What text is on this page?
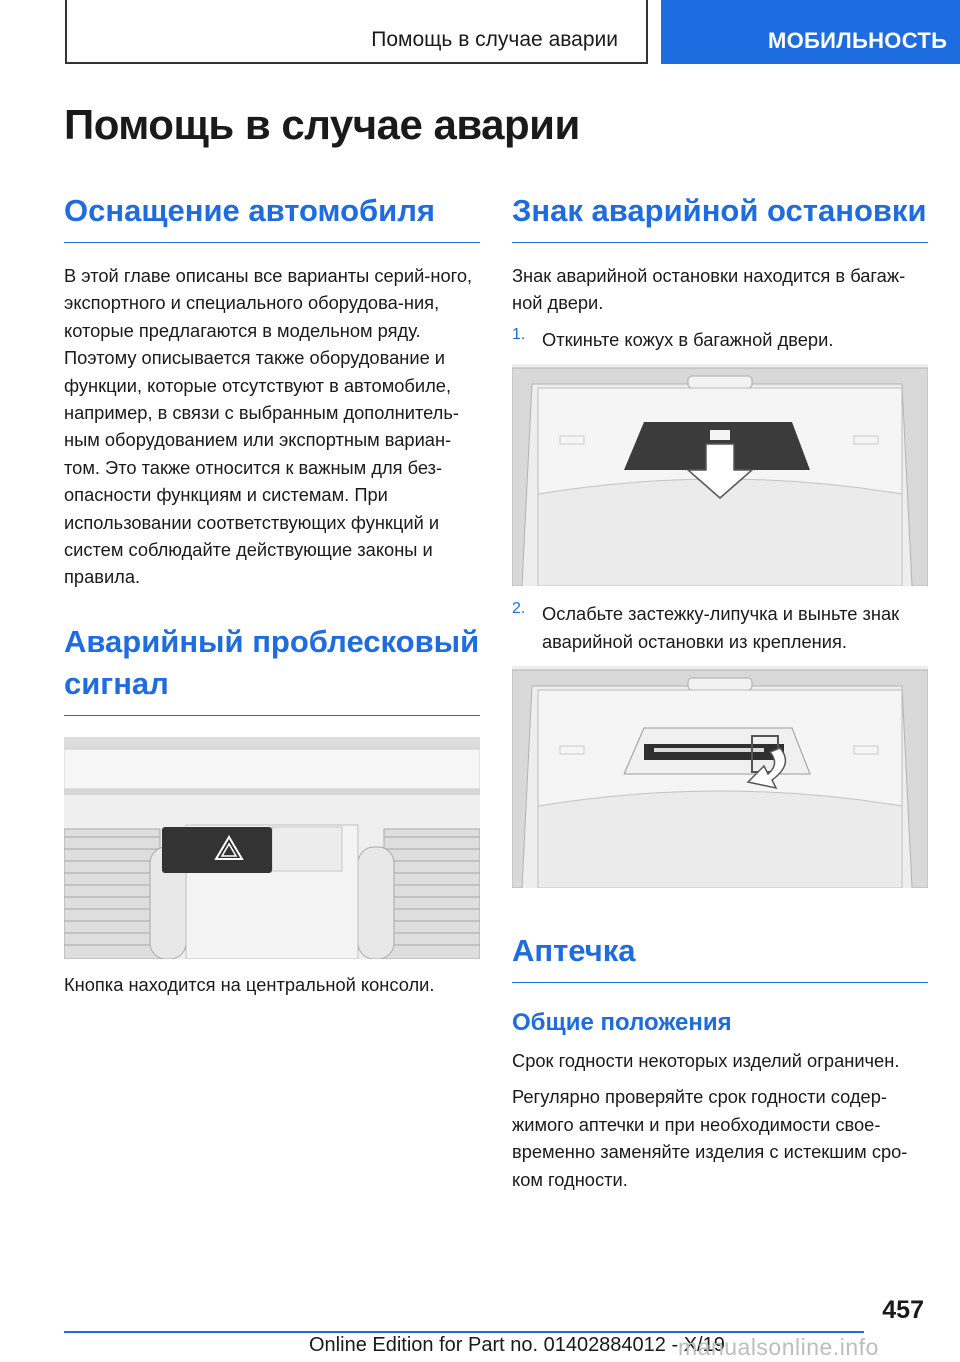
Помощь в случае аварии	МОБИЛЬНОСТЬ
Помощь в случае аварии
Оснащение автомобиля

В этой главе описаны все варианты серий-ного, экспортного и специального оборудова-ния, которые предлагаются в модельном ряду. Поэтому описывается также оборудование и функции, которые отсутствуют в автомобиле, например, в связи с выбранным дополнитель-ным оборудованием или экспортным вариан-том. Это также относится к важным для без-опасности функциям и системам. При использовании соответствующих функций и систем соблюдайте действующие законы и правила.

Аварийный проблесковый сигнал

Кнопка находится на центральной консоли.

Знак аварийной остановки

Знак аварийной остановки находится в багаж-ной двери.

1. Откиньте кожух в багажной двери.

2. Ослабьте застежку-липучка и выньте знак аварийной остановки из крепления.

Аптечка
Общие положения

Срок годности некоторых изделий ограничен.

Регулярно проверяйте срок годности содер-жимого аптечки и при необходимости свое-временно заменяйте изделия с истекшим сро-ком годности.

457
Online Edition for Part no. 01402884012 - X/19
manualsonline.info
